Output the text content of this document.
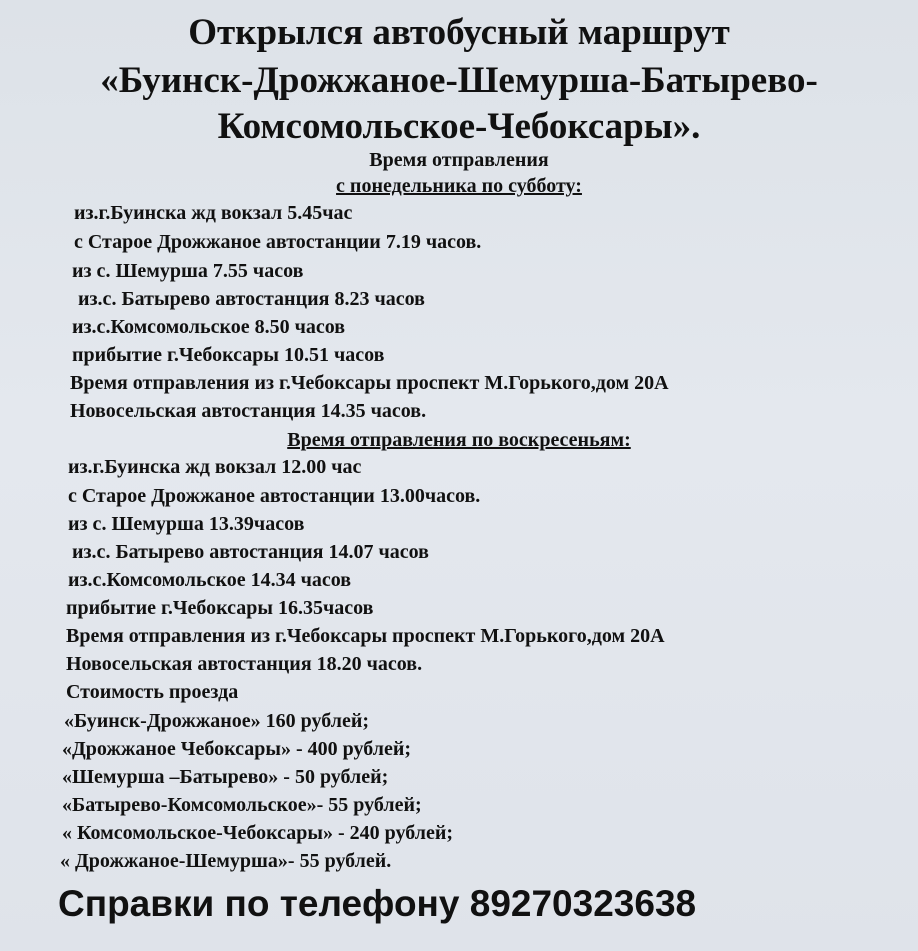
Открылся автобусный маршрут
«Буинск-Дрожжаное-Шемурша-Батырево-
Комсомольское-Чебоксары».
Время отправления
с понедельника по субботу:
из.г.Буинска жд вокзал 5.45час
с Старое Дрожжаное автостанции 7.19 часов.
из с. Шемурша 7.55 часов
из.с. Батырево автостанция 8.23 часов
из.с.Комсомольское 8.50 часов
прибытие г.Чебоксары 10.51 часов
Время отправления из г.Чебоксары проспект М.Горького,дом 20А
Новосельская автостанция 14.35 часов.
Время отправления по воскресеньям:
из.г.Буинска жд вокзал 12.00 час
с Старое Дрожжаное автостанции 13.00часов.
из с. Шемурша 13.39часов
из.с. Батырево автостанция 14.07 часов
из.с.Комсомольское 14.34 часов
прибытие г.Чебоксары 16.35часов
Время отправления из г.Чебоксары проспект М.Горького,дом 20А
Новосельская автостанция 18.20 часов.
Стоимость проезда
«Буинск-Дрожжаное» 160 рублей;
«Дрожжаное Чебоксары» - 400 рублей;
«Шемурша –Батырево» - 50 рублей;
«Батырево-Комсомольское»- 55 рублей;
« Комсомольское-Чебоксары» - 240 рублей;
« Дрожжаное-Шемурша»- 55 рублей.
Справки по телефону 89270323638
